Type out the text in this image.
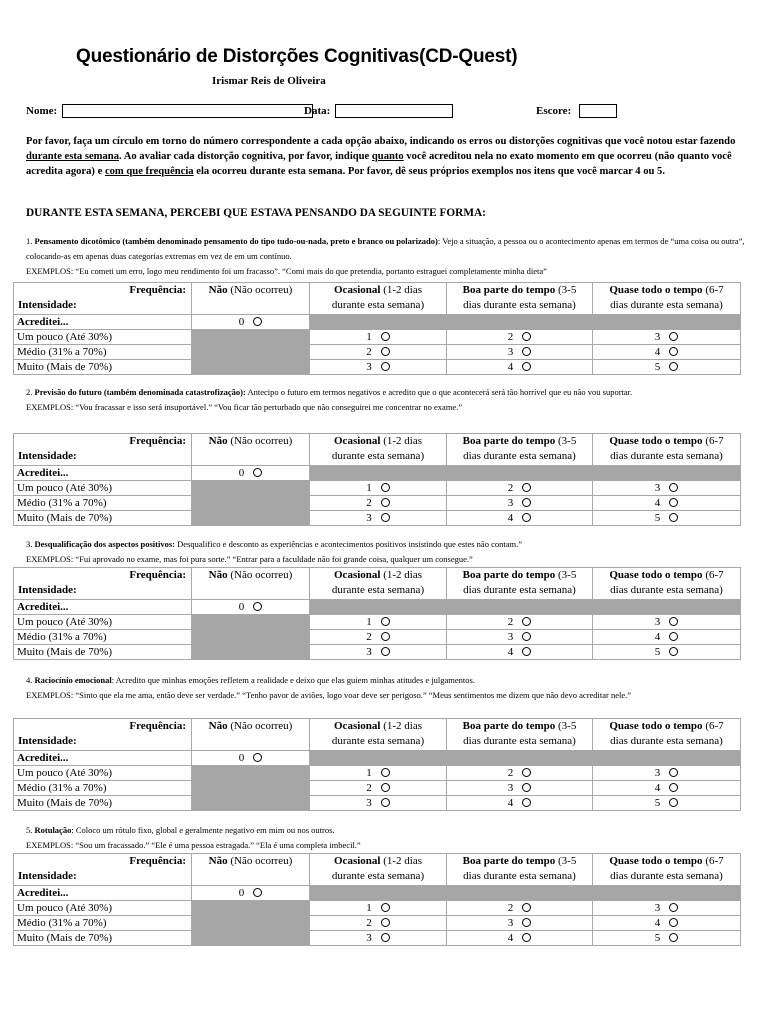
Questionário de Distorções Cognitivas(CD-Quest)
Irismar Reis de Oliveira
Nome:	Data:	Escore:
Por favor, faça um círculo em torno do número correspondente a cada opção abaixo, indicando os erros ou distorções cognitivas que você notou estar fazendo durante esta semana. Ao avaliar cada distorção cognitiva, por favor, indique quanto você acreditou nela no exato momento em que ocorreu (não quanto você acredita agora) e com que frequência ela ocorreu durante esta semana. Por favor, dê seus próprios exemplos nos itens que você marcar 4 ou 5.
DURANTE ESTA SEMANA, PERCEBI QUE ESTAVA PENSANDO DA SEGUINTE FORMA:
1. Pensamento dicotômico (também denominado pensamento do tipo tudo-ou-nada, preto e branco ou polarizado): Vejo a situação, a pessoa ou o acontecimento apenas em termos de “uma coisa ou outra”, colocando-as em apenas duas categorias extremas em vez de em um contínuo.
EXEMPLOS: “Eu cometi um erro, logo meu rendimento foi um fracasso”. “Comi mais do que pretendia, portanto estraguei completamente minha dieta”
Frequência:
Intensidade:	Não (Não ocorreu)	Ocasional (1-2 dias
durante esta semana)	Boa parte do tempo (3-5
dias durante esta semana)	Quase todo o tempo (6-7
dias durante esta semana)
Acreditei...	0			
Um pouco (Até 30%)		1	2	3
Médio (31% a 70%)		2	3	4
Muito (Mais de 70%)		3	4	5
2. Previsão do futuro (também denominada catastrofização): Antecipo o futuro em termos negativos e acredito que o que acontecerá será tão horrível que eu não vou suportar.
EXEMPLOS: “Vou fracassar e isso será insuportável.” “Vou ficar tão perturbado que não conseguirei me concentrar no exame.”
Frequência:
Intensidade:	Não (Não ocorreu)	Ocasional (1-2 dias
durante esta semana)	Boa parte do tempo (3-5
dias durante esta semana)	Quase todo o tempo (6-7
dias durante esta semana)
Acreditei...	0			
Um pouco (Até 30%)		1	2	3
Médio (31% a 70%)		2	3	4
Muito (Mais de 70%)		3	4	5
3. Desqualificação dos aspectos positivos: Desqualifico e desconto as experiências e acontecimentos positivos insistindo que estes não contam.”
EXEMPLOS: “Fui aprovado no exame, mas foi pura sorte.” “Entrar para a faculdade não foi grande coisa, qualquer um consegue.”
Frequência:
Intensidade:	Não (Não ocorreu)	Ocasional (1-2 dias
durante esta semana)	Boa parte do tempo (3-5
dias durante esta semana)	Quase todo o tempo (6-7
dias durante esta semana)
Acreditei...	0			
Um pouco (Até 30%)		1	2	3
Médio (31% a 70%)		2	3	4
Muito (Mais de 70%)		3	4	5
4. Raciocínio emocional: Acredito que minhas emoções refletem a realidade e deixo que elas guiem minhas atitudes e julgamentos.
EXEMPLOS: “Sinto que ela me ama, então deve ser verdade.” “Tenho pavor de aviões, logo voar deve ser perigoso.” “Meus sentimentos me dizem que não devo acreditar nele.”
Frequência:
Intensidade:	Não (Não ocorreu)	Ocasional (1-2 dias
durante esta semana)	Boa parte do tempo (3-5
dias durante esta semana)	Quase todo o tempo (6-7
dias durante esta semana)
Acreditei...	0			
Um pouco (Até 30%)		1	2	3
Médio (31% a 70%)		2	3	4
Muito (Mais de 70%)		3	4	5
5. Rotulação: Coloco um rótulo fixo, global e geralmente negativo em mim ou nos outros.
EXEMPLOS: “Sou um fracassado.” “Ele é uma pessoa estragada.” “Ela é uma completa imbecil.”
Frequência:
Intensidade:	Não (Não ocorreu)	Ocasional (1-2 dias
durante esta semana)	Boa parte do tempo (3-5
dias durante esta semana)	Quase todo o tempo (6-7
dias durante esta semana)
Acreditei...	0			
Um pouco (Até 30%)		1	2	3
Médio (31% a 70%)		2	3	4
Muito (Mais de 70%)		3	4	5
